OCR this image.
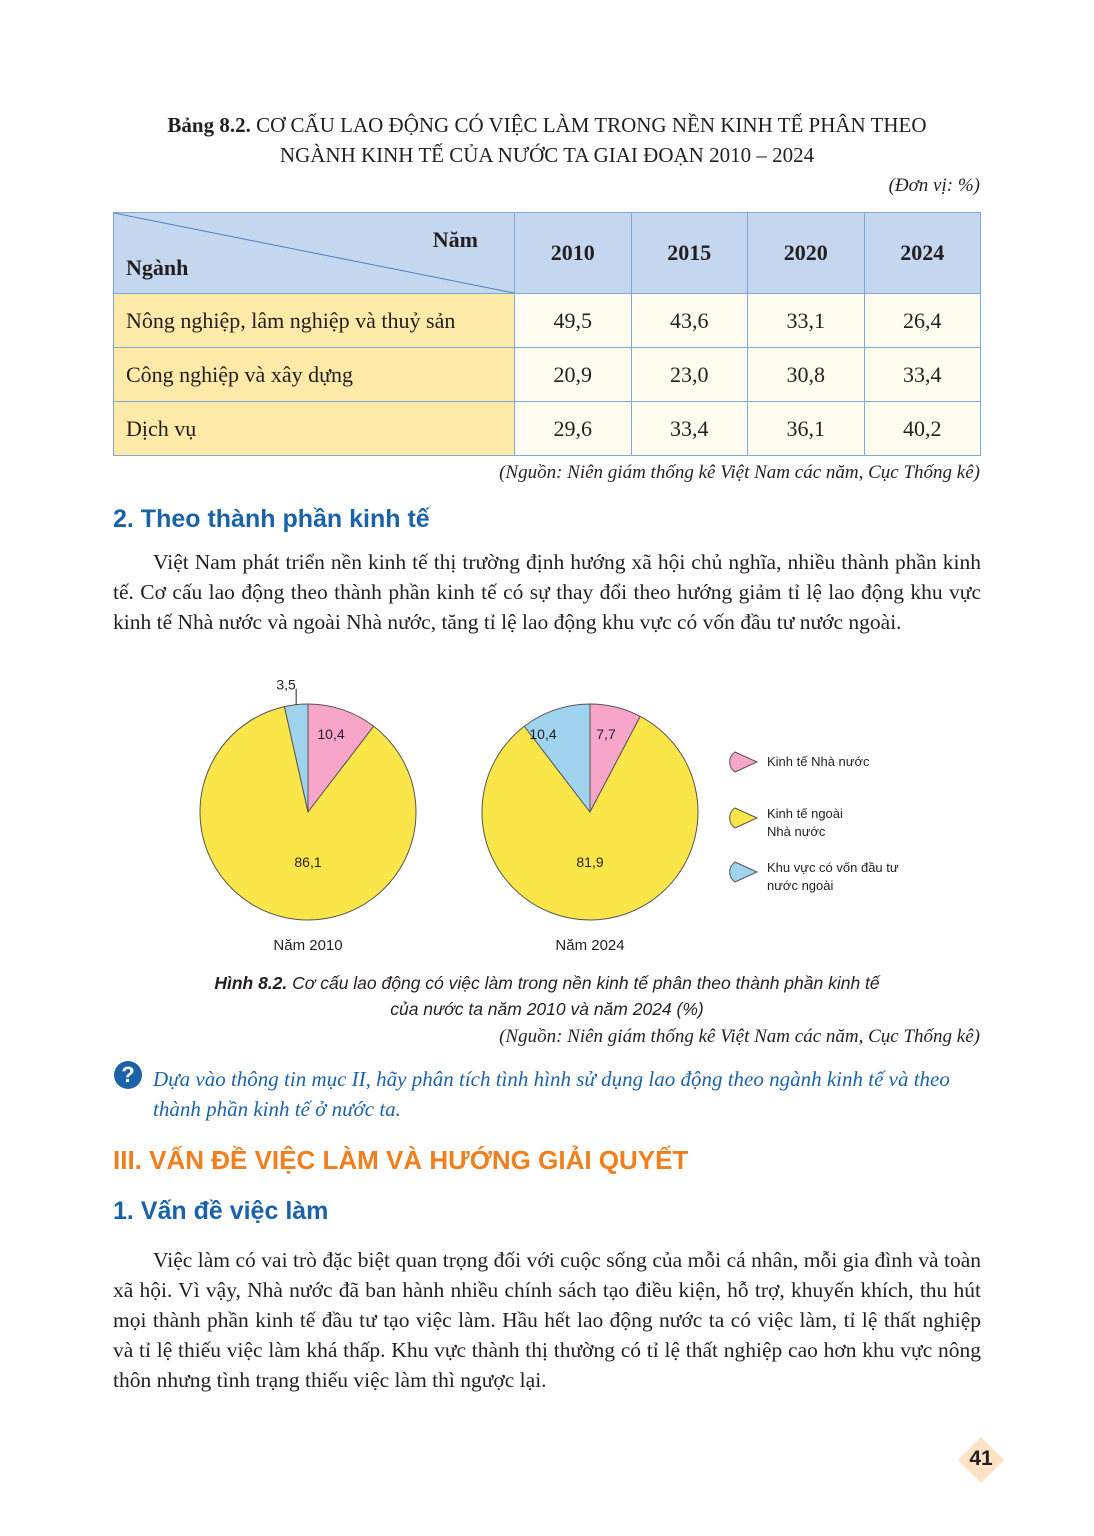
Bảng 8.2. CƠ CẤU LAO ĐỘNG CÓ VIỆC LÀM TRONG NỀN KINH TẾ PHÂN THEO
NGÀNH KINH TẾ CỦA NƯỚC TA GIAI ĐOẠN 2010 – 2024
(Đơn vị: %)
Năm
Ngành	2010	2015	2020	2024
Nông nghiệp, lâm nghiệp và thuỷ sản	49,5	43,6	33,1	26,4
Công nghiệp và xây dựng	20,9	23,0	30,8	33,4
Dịch vụ	29,6	33,4	36,1	40,2
(Nguồn: Niên giám thống kê Việt Nam các năm, Cục Thống kê)
2. Theo thành phần kinh tế
Việt Nam phát triển nền kinh tế thị trường định hướng xã hội chủ nghĩa, nhiều thành phần kinh tế. Cơ cấu lao động theo thành phần kinh tế có sự thay đổi theo hướng giảm tỉ lệ lao động khu vực kinh tế Nhà nước và ngoài Nhà nước, tăng tỉ lệ lao động khu vực có vốn đầu tư nước ngoài.
10,4
86,1
3,5
Năm 2010
7,7
81,9
10,4
Năm 2024
Kinh tế Nhà nước
Kinh tế ngoài
Nhà nước
Khu vực có vốn đầu tư
nước ngoài
Hình 8.2. Cơ cấu lao động có việc làm trong nền kinh tế phân theo thành phần kinh tế
của nước ta năm 2010 và năm 2024 (%)
(Nguồn: Niên giám thống kê Việt Nam các năm, Cục Thống kê)
? Dựa vào thông tin mục II, hãy phân tích tình hình sử dụng lao động theo ngành kinh tế và theo thành phần kinh tế ở nước ta.
III. VẤN ĐỀ VIỆC LÀM VÀ HƯỚNG GIẢI QUYẾT
1. Vấn đề việc làm
Việc làm có vai trò đặc biệt quan trọng đối với cuộc sống của mỗi cá nhân, mỗi gia đình và toàn xã hội. Vì vậy, Nhà nước đã ban hành nhiều chính sách tạo điều kiện, hỗ trợ, khuyến khích, thu hút mọi thành phần kinh tế đầu tư tạo việc làm. Hầu hết lao động nước ta có việc làm, tỉ lệ thất nghiệp và tỉ lệ thiếu việc làm khá thấp. Khu vực thành thị thường có tỉ lệ thất nghiệp cao hơn khu vực nông thôn nhưng tình trạng thiếu việc làm thì ngược lại.
41
